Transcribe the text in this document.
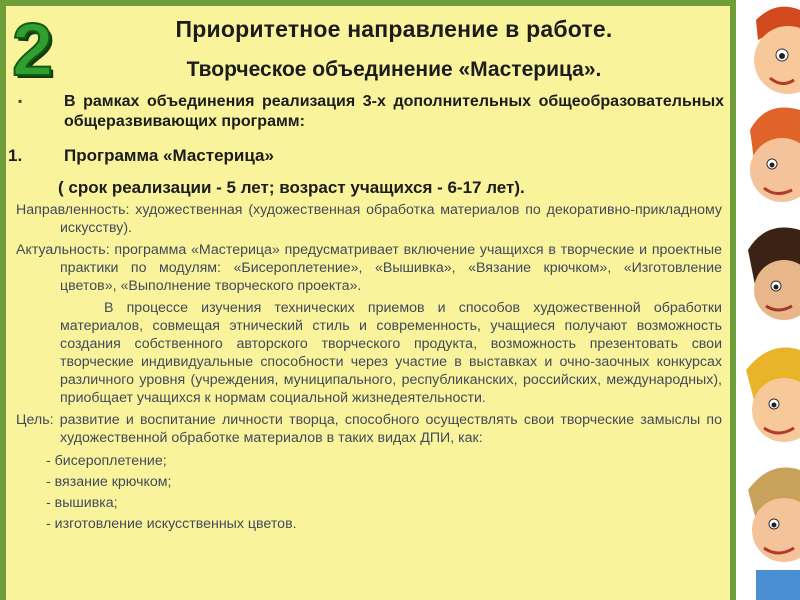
2	Приоритетное направление в работе.
Творческое объединение «Мастерица».
▪	В рамках объединения реализация 3-х дополнительных общеобразовательных общеразвивающих программ:
1. Программа «Мастерица»
( срок реализации - 5 лет; возраст учащихся - 6-17 лет).

Направленность: художественная (художественная обработка материалов по декоративно-прикладному искусству).

Актуальность: программа «Мастерица» предусматривает включение учащихся в творческие и проектные практики по модулям: «Бисероплетение», «Вышивка», «Вязание крючком», «Изготовление цветов», «Выполнение творческого проекта».

В процессе изучения технических приемов и способов художественной обработки материалов, совмещая этнический стиль и современность, учащиеся получают возможность создания собственного авторского творческого продукта, возможность презентовать свои творческие индивидуальные способности через участие в выставках и очно-заочных конкурсах различного уровня (учреждения, муниципального, республиканских, российских, международных), приобщает учащихся к нормам социальной жизнедеятельности.

Цель: развитие и воспитание личности творца, способного осуществлять свои творческие замыслы по художественной обработке материалов в таких видах ДПИ, как:

- бисероплетение;
- вязание крючком;
- вышивка;
- изготовление искусственных цветов.
